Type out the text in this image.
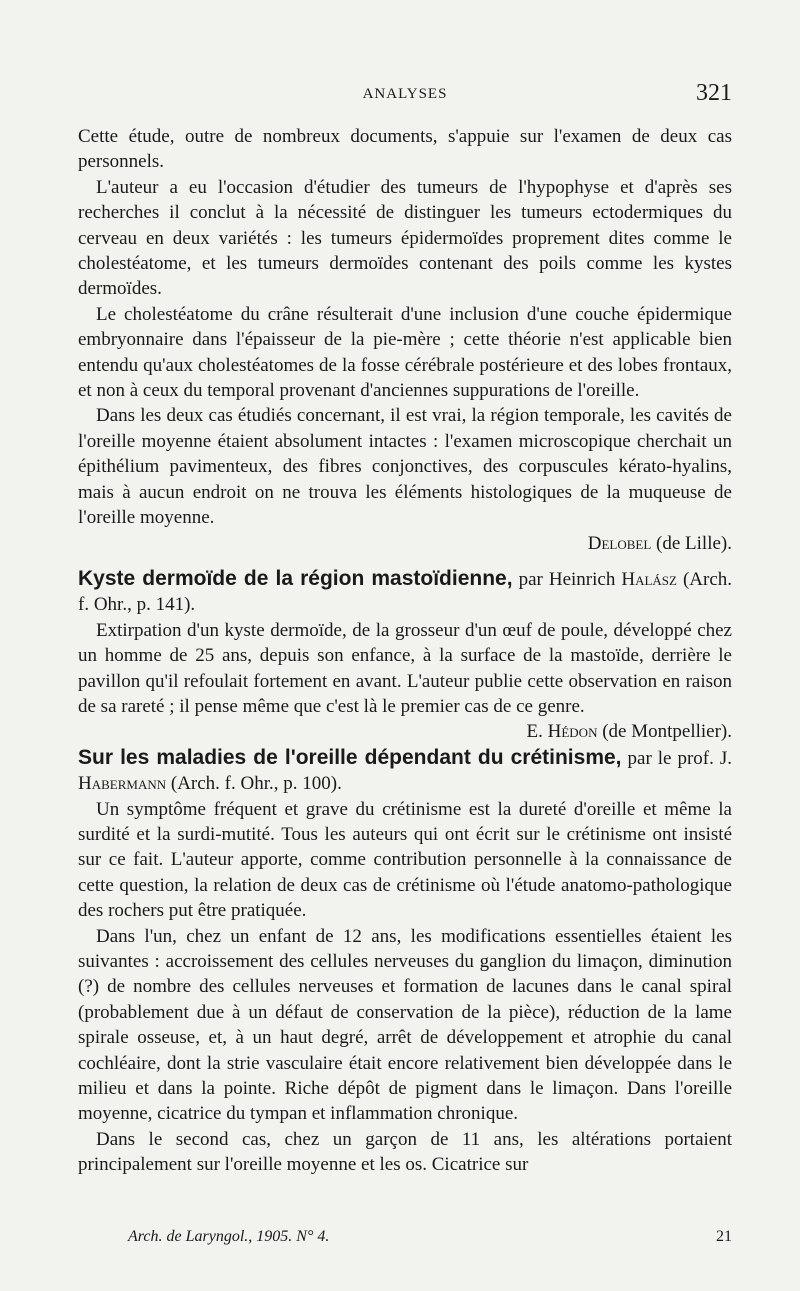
ANALYSES	321

Cette étude, outre de nombreux documents, s'appuie sur l'examen de deux cas personnels.

L'auteur a eu l'occasion d'étudier des tumeurs de l'hypophyse et d'après ses recherches il conclut à la nécessité de distinguer les tumeurs ectodermiques du cerveau en deux variétés : les tumeurs épidermoïdes proprement dites comme le cholestéatome, et les tumeurs dermoïdes contenant des poils comme les kystes dermoïdes.

Le cholestéatome du crâne résulterait d'une inclusion d'une couche épidermique embryonnaire dans l'épaisseur de la pie-mère ; cette théorie n'est applicable bien entendu qu'aux cholestéatomes de la fosse cérébrale postérieure et des lobes frontaux, et non à ceux du temporal provenant d'anciennes suppurations de l'oreille.

Dans les deux cas étudiés concernant, il est vrai, la région temporale, les cavités de l'oreille moyenne étaient absolument intactes : l'examen microscopique cherchait un épithélium pavimenteux, des fibres conjonctives, des corpuscules kérato-hyalins, mais à aucun endroit on ne trouva les éléments histologiques de la muqueuse de l'oreille moyenne.

Delobel (de Lille).
Kyste dermoïde de la région mastoïdienne, par Heinrich Halász (Arch. f. Ohr., p. 141).

Extirpation d'un kyste dermoïde, de la grosseur d'un œuf de poule, développé chez un homme de 25 ans, depuis son enfance, à la surface de la mastoïde, derrière le pavillon qu'il refoulait fortement en avant. L'auteur publie cette observation en raison de sa rareté ; il pense même que c'est là le premier cas de ce genre.

E. Hédon (de Montpellier).
Sur les maladies de l'oreille dépendant du crétinisme, par le prof. J. Habermann (Arch. f. Ohr., p. 100).

Un symptôme fréquent et grave du crétinisme est la dureté d'oreille et même la surdité et la surdi-mutité. Tous les auteurs qui ont écrit sur le crétinisme ont insisté sur ce fait. L'auteur apporte, comme contribution personnelle à la connaissance de cette question, la relation de deux cas de crétinisme où l'étude anatomo-pathologique des rochers put être pratiquée.

Dans l'un, chez un enfant de 12 ans, les modifications essentielles étaient les suivantes : accroissement des cellules nerveuses du ganglion du limaçon, diminution (?) de nombre des cellules nerveuses et formation de lacunes dans le canal spiral (probablement due à un défaut de conservation de la pièce), réduction de la lame spirale osseuse, et, à un haut degré, arrêt de développement et atrophie du canal cochléaire, dont la strie vasculaire était encore relativement bien développée dans le milieu et dans la pointe. Riche dépôt de pigment dans le limaçon. Dans l'oreille moyenne, cicatrice du tympan et inflammation chronique.

Dans le second cas, chez un garçon de 11 ans, les altérations portaient principalement sur l'oreille moyenne et les os. Cicatrice sur

Arch. de Laryngol., 1905. N° 4.	21
